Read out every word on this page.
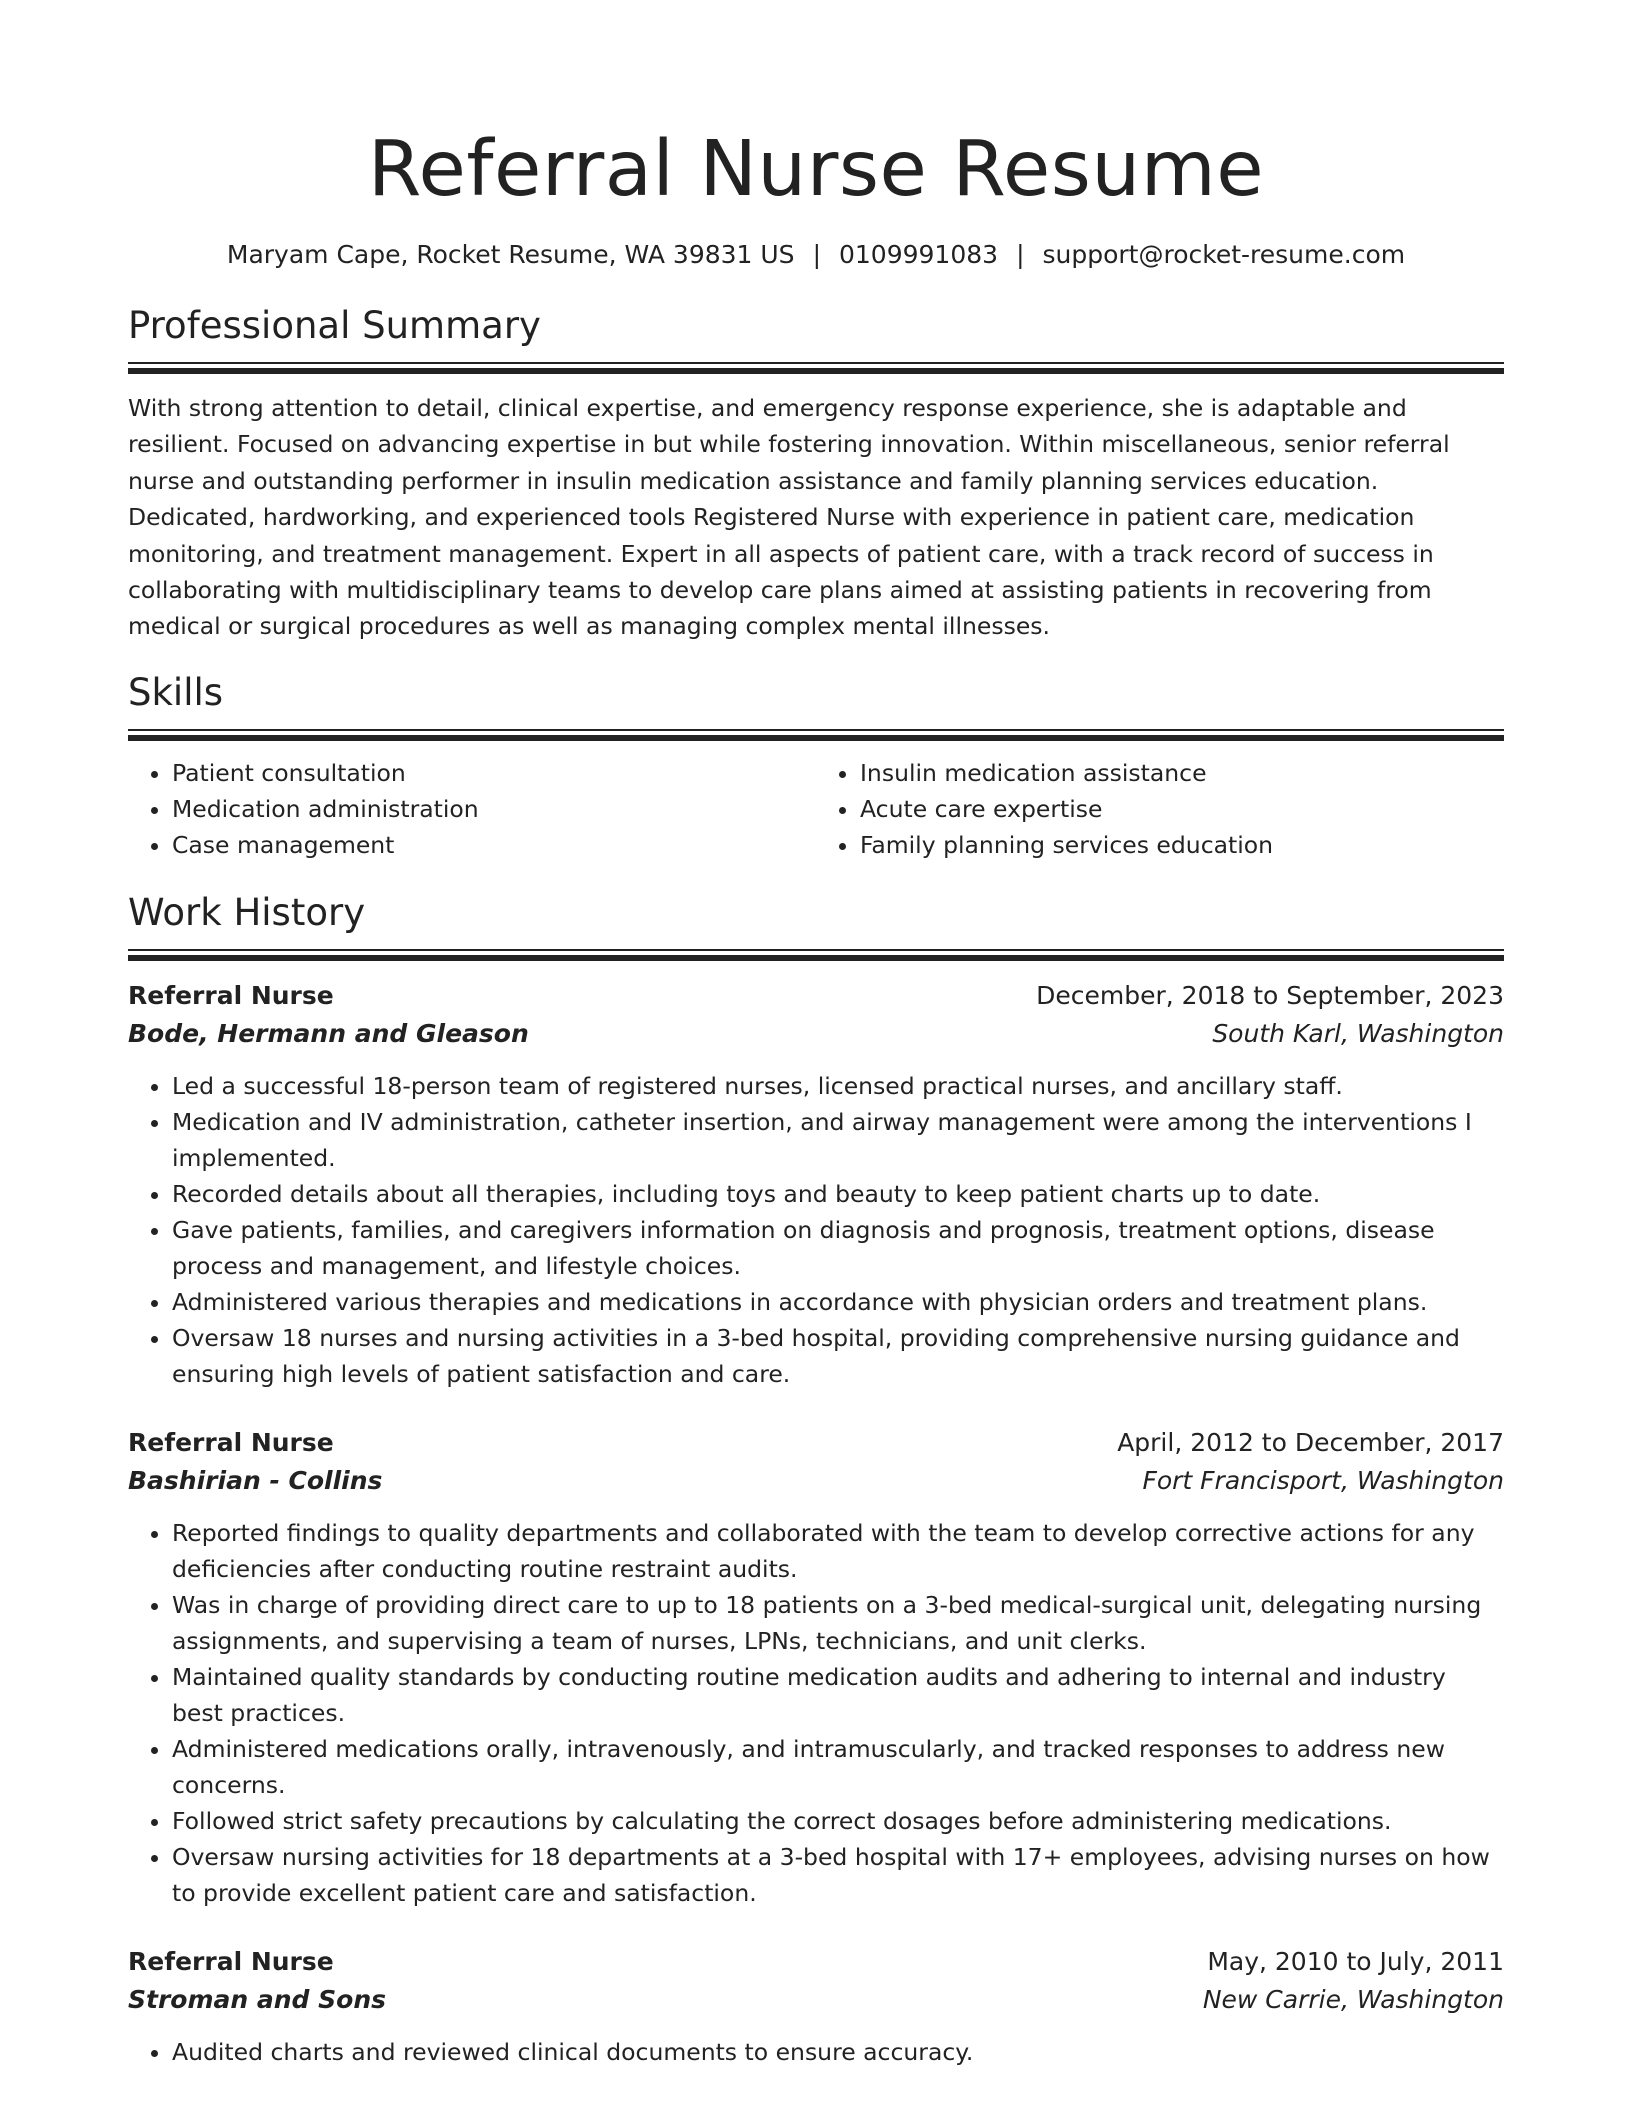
Referral Nurse Resume
Maryam Cape, Rocket Resume, WA 39831 US | 0109991083 | support@rocket-resume.com
Professional Summary
With strong attention to detail, clinical expertise, and emergency response experience, she is adaptable and resilient. Focused on advancing expertise in but while fostering innovation. Within miscellaneous, senior referral nurse and outstanding performer in insulin medication assistance and family planning services education. Dedicated, hardworking, and experienced tools Registered Nurse with experience in patient care, medication monitoring, and treatment management. Expert in all aspects of patient care, with a track record of success in collaborating with multidisciplinary teams to develop care plans aimed at assisting patients in recovering from medical or surgical procedures as well as managing complex mental illnesses.
Skills
• Patient consultation
• Medication administration
• Case management
• Insulin medication assistance
• Acute care expertise
• Family planning services education
Work History
Referral Nurse	December, 2018 to September, 2023
Bode, Hermann and Gleason	South Karl, Washington
• Led a successful 18-person team of registered nurses, licensed practical nurses, and ancillary staff.
• Medication and IV administration, catheter insertion, and airway management were among the interventions I implemented.
• Recorded details about all therapies, including toys and beauty to keep patient charts up to date.
• Gave patients, families, and caregivers information on diagnosis and prognosis, treatment options, disease process and management, and lifestyle choices.
• Administered various therapies and medications in accordance with physician orders and treatment plans.
• Oversaw 18 nurses and nursing activities in a 3-bed hospital, providing comprehensive nursing guidance and ensuring high levels of patient satisfaction and care.
Referral Nurse	April, 2012 to December, 2017
Bashirian - Collins	Fort Francisport, Washington
• Reported findings to quality departments and collaborated with the team to develop corrective actions for any deficiencies after conducting routine restraint audits.
• Was in charge of providing direct care to up to 18 patients on a 3-bed medical-surgical unit, delegating nursing assignments, and supervising a team of nurses, LPNs, technicians, and unit clerks.
• Maintained quality standards by conducting routine medication audits and adhering to internal and industry best practices.
• Administered medications orally, intravenously, and intramuscularly, and tracked responses to address new concerns.
• Followed strict safety precautions by calculating the correct dosages before administering medications.
• Oversaw nursing activities for 18 departments at a 3-bed hospital with 17+ employees, advising nurses on how to provide excellent patient care and satisfaction.
Referral Nurse	May, 2010 to July, 2011
Stroman and Sons	New Carrie, Washington
• Audited charts and reviewed clinical documents to ensure accuracy.
